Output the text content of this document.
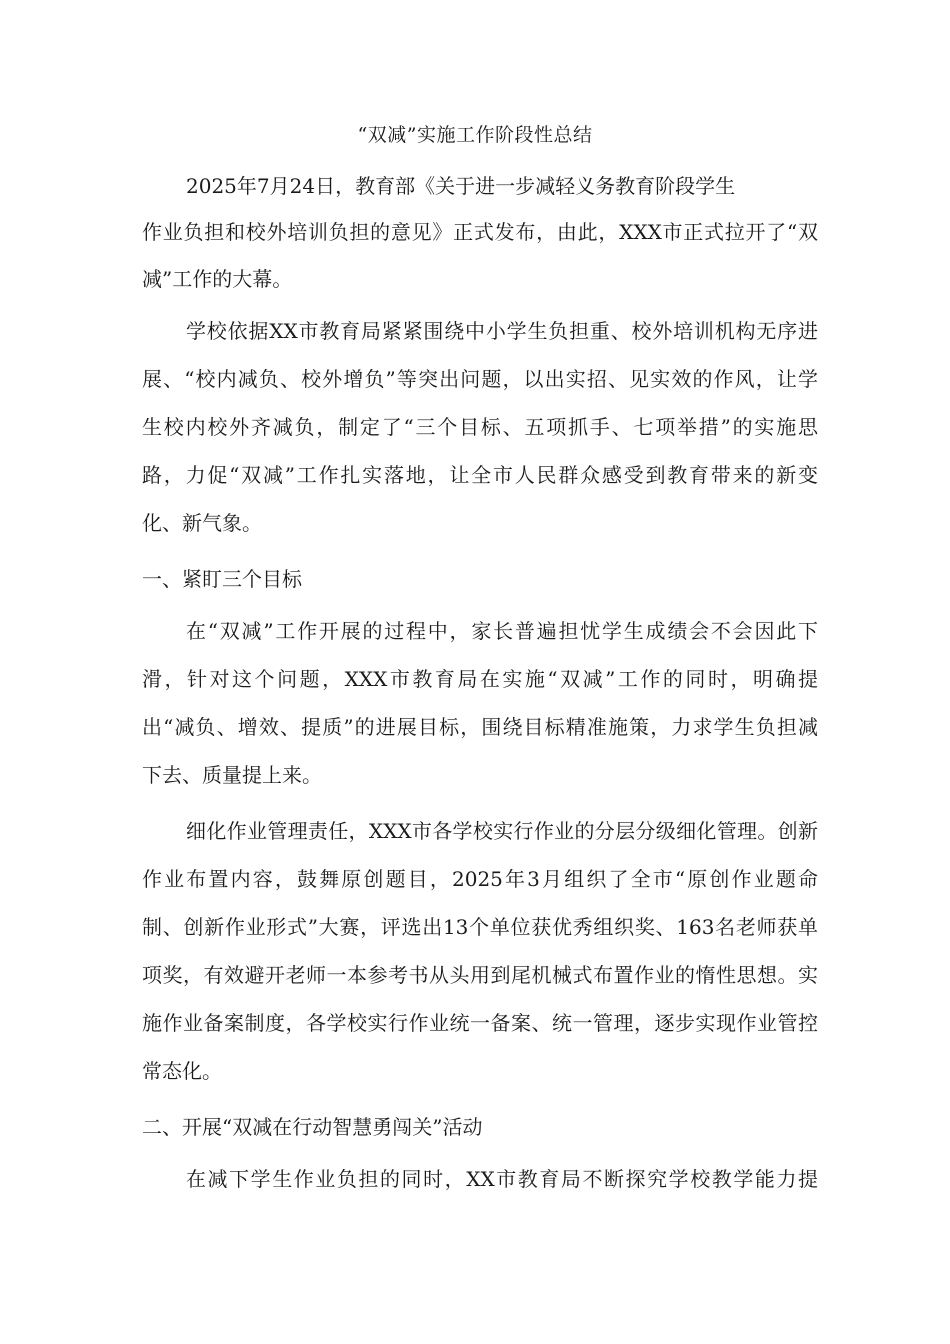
“双减”实施工作阶段性总结
2025年7月24日，教育部《关于进一步减轻义务教育阶段学生
作业负担和校外培训负担的意见》正式发布，由此，XXX市正式拉开了“双
减”工作的大幕。
学校依据XX市教育局紧紧围绕中小学生负担重、校外培训机构无序进
展、“校内减负、校外增负”等突出问题，以出实招、见实效的作风，让学
生校内校外齐减负，制定了“三个目标、五项抓手、七项举措”的实施思
路，力促“双减”工作扎实落地，让全市人民群众感受到教育带来的新变
化、新气象。
一、紧盯三个目标
在“双减”工作开展的过程中，家长普遍担忧学生成绩会不会因此下
滑，针对这个问题，XXX市教育局在实施“双减”工作的同时，明确提
出“减负、增效、提质”的进展目标，围绕目标精准施策，力求学生负担减
下去、质量提上来。
细化作业管理责任，XXX市各学校实行作业的分层分级细化管理。创新
作业布置内容，鼓舞原创题目，2025年3月组织了全市“原创作业题命
制、创新作业形式”大赛，评选出13个单位获优秀组织奖、163名老师获单
项奖，有效避开老师一本参考书从头用到尾机械式布置作业的惰性思想。实
施作业备案制度，各学校实行作业统一备案、统一管理，逐步实现作业管控
常态化。
二、开展“双减在行动智慧勇闯关”活动
在减下学生作业负担的同时，XX市教育局不断探究学校教学能力提
